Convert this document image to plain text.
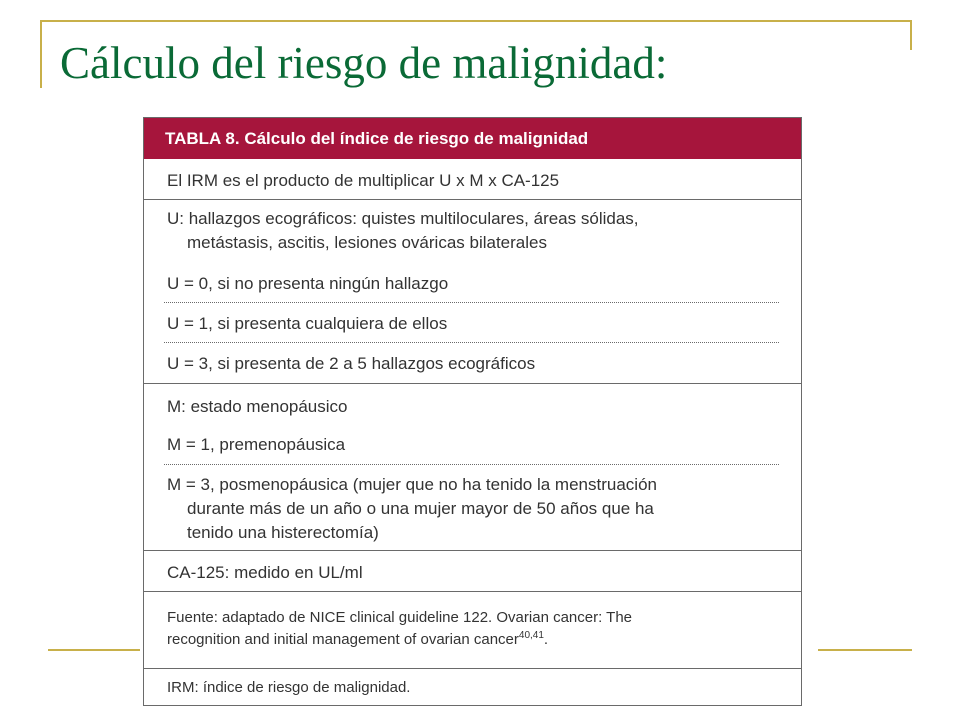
Cálculo del riesgo de malignidad:
TABLA 8. Cálculo del índice de riesgo de malignidad
El IRM es el producto de multiplicar U x M x CA-125
U: hallazgos ecográficos: quistes multiloculares, áreas sólidas,
metástasis, ascitis, lesiones ováricas bilaterales
U = 0, si no presenta ningún hallazgo
U = 1, si presenta cualquiera de ellos
U = 3, si presenta de 2 a 5 hallazgos ecográficos
M: estado menopáusico
M = 1, premenopáusica
M = 3, posmenopáusica (mujer que no ha tenido la menstruación
durante más de un año o una mujer mayor de 50 años que ha
tenido una histerectomía)
CA-125: medido en UL/ml
Fuente: adaptado de NICE clinical guideline 122. Ovarian cancer: The
recognition and initial management of ovarian cancer$^{40,41}$.
IRM: índice de riesgo de malignidad.
